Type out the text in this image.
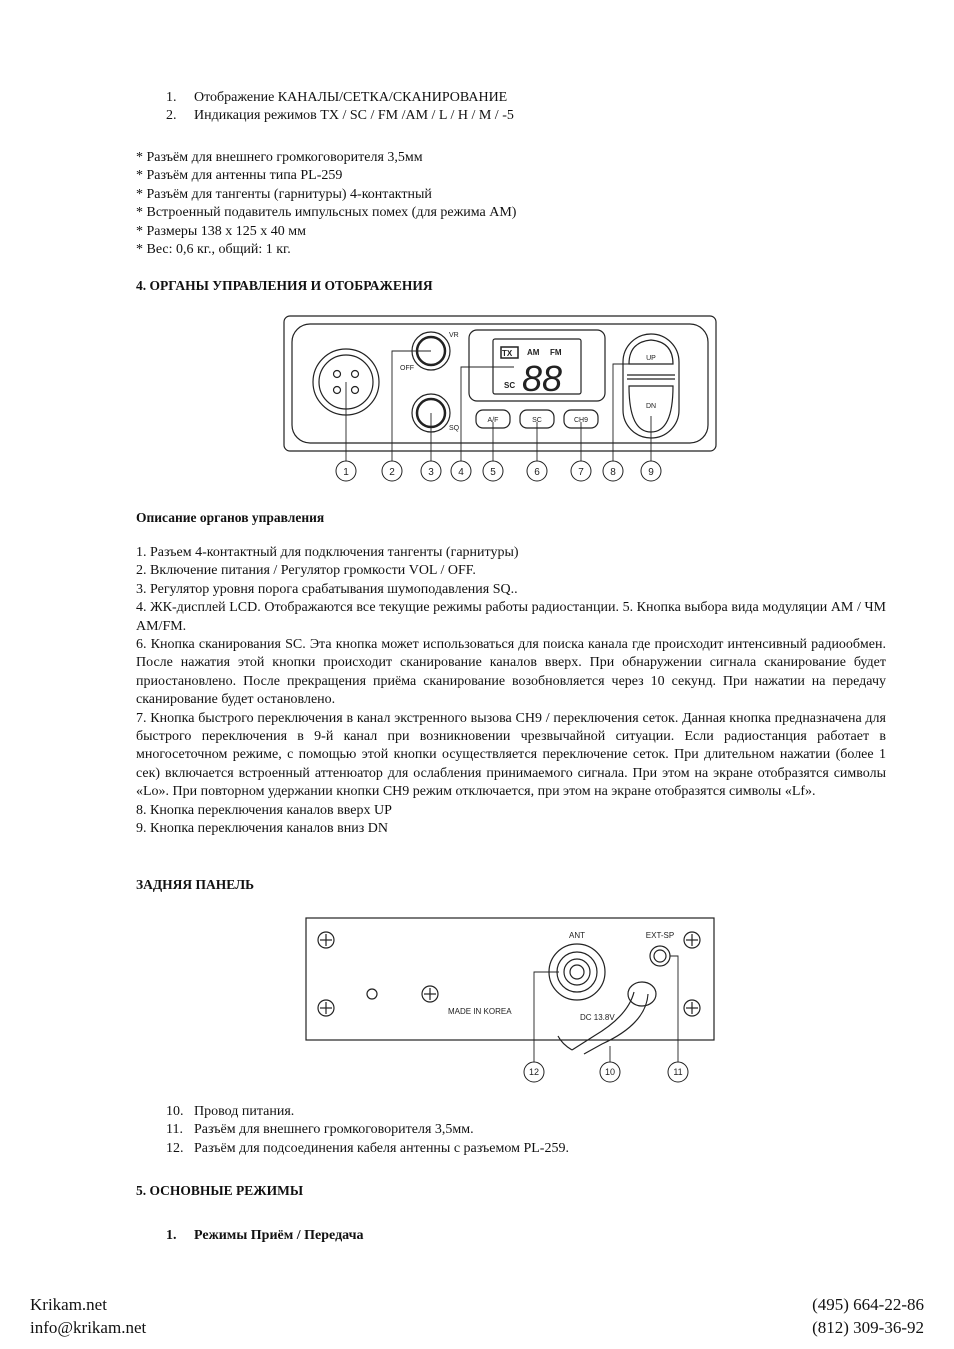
1. Отображение КАНАЛЫ/СЕТКА/СКАНИРОВАНИЕ
2. Индикация режимов TX / SC / FM /AM / L / H / M / -5
* Разъём для внешнего громкоговорителя 3,5мм
* Разъём для антенны типа PL-259
* Разъём для тангенты (гарнитуры) 4-контактный
* Встроенный подавитель импульсных помех (для режима AM)
* Размеры 138 х 125 х 40 мм
* Вес: 0,6 кг., общий: 1 кг.
4. ОРГАНЫ УПРАВЛЕНИЯ И ОТОБРАЖЕНИЯ
TX AM FM
SC 88
VR
OFF
SQ
A/F	SC	CH9
UP
DN
1	2	3 4	5	6	7	8	9
Описание органов управления
1. Разъем 4-контактный для подключения тангенты (гарнитуры)
2. Включение питания / Регулятор громкости VOL / OFF.
3. Регулятор уровня порога срабатывания шумоподавления SQ..
4. ЖК-дисплей LCD. Отображаются все текущие режимы работы радиостанции. 5. Кнопка выбора вида модуляции AM / ЧМ AM/FM.
6. Кнопка сканирования SC. Эта кнопка может использоваться для поиска канала где происходит интенсивный радиообмен. После нажатия этой кнопки происходит сканирование каналов вверх. При обнаружении сигнала сканирование будет приостановлено. После прекращения приёма сканирование возобновляется через 10 секунд. При нажатии на передачу сканирование будет остановлено.
7. Кнопка быстрого переключения в канал экстренного вызова CH9 / переключения сеток. Данная кнопка предназначена для быстрого переключения в 9-й канал при возникновении чрезвычайной ситуации. Если радиостанция работает в многосеточном режиме, с помощью этой кнопки осуществляется переключение сеток. При длительном нажатии (более 1 сек) включается встроенный аттенюатор для ослабления принимаемого сигнала. При этом на экране отобразятся символы «Lo». При повторном удержании кнопки CH9 режим отключается, при этом на экране отобразятся символы «Lf».
8. Кнопка переключения каналов вверх UP
9. Кнопка переключения каналов вниз DN
ЗАДНЯЯ ПАНЕЛЬ
ANT	EXT-SP
MADE IN KOREA
DC 13.8V
12	10	11
10. Провод питания.
11. Разъём для внешнего громкоговорителя 3,5мм.
12. Разъём для подсоединения кабеля антенны с разъемом PL-259.
5. ОСНОВНЫЕ РЕЖИМЫ
1. Режимы Приём / Передача
Krikam.net
info@krikam.net
(495) 664-22-86
(812) 309-36-92
